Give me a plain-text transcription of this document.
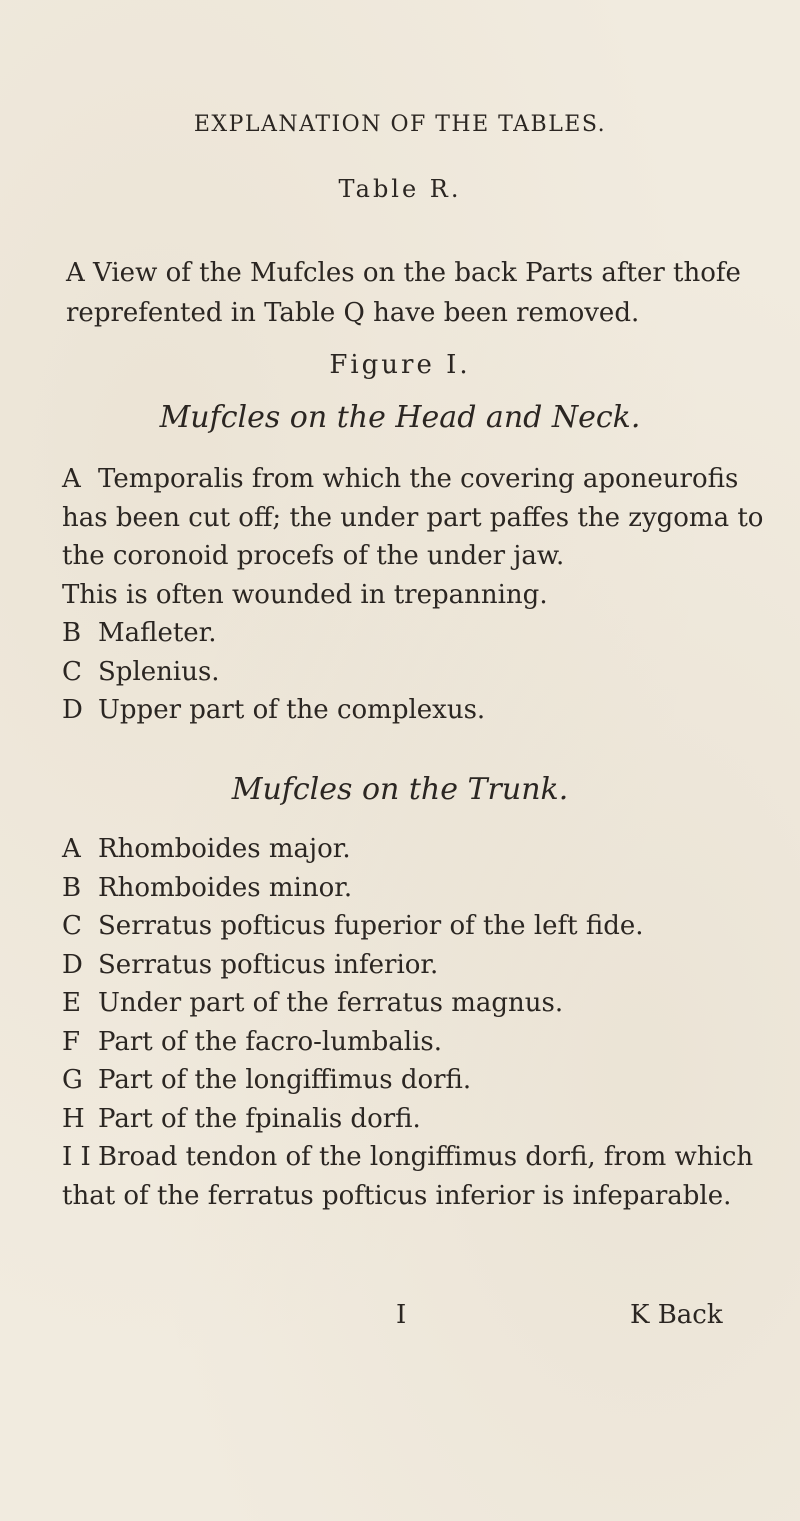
EXPLANATION OF THE TABLES.
Table R.

A View of the Mufcles on the back Parts after thofe reprefented in Table Q have been removed.

Figure I.
Mufcles on the Head and Neck.

A Temporalis from which the covering aponeurofis has been cut off; the under part paffes the zygoma to the coronoid procefs of the under jaw.

This is often wounded in trepanning.

B Mafleter.

C Splenius.

D Upper part of the complexus.

Mufcles on the Trunk.

A Rhomboides major.

B Rhomboides minor.

C Serratus pofticus fuperior of the left fide.

D Serratus pofticus inferior.

E Under part of the ferratus magnus.

F Part of the facro-lumbalis.

G Part of the longiffimus dorfi.

H Part of the fpinalis dorfi.

I I Broad tendon of the longiffimus dorfi, from which that of the ferratus pofticus inferior is infeparable.

I	K Back
